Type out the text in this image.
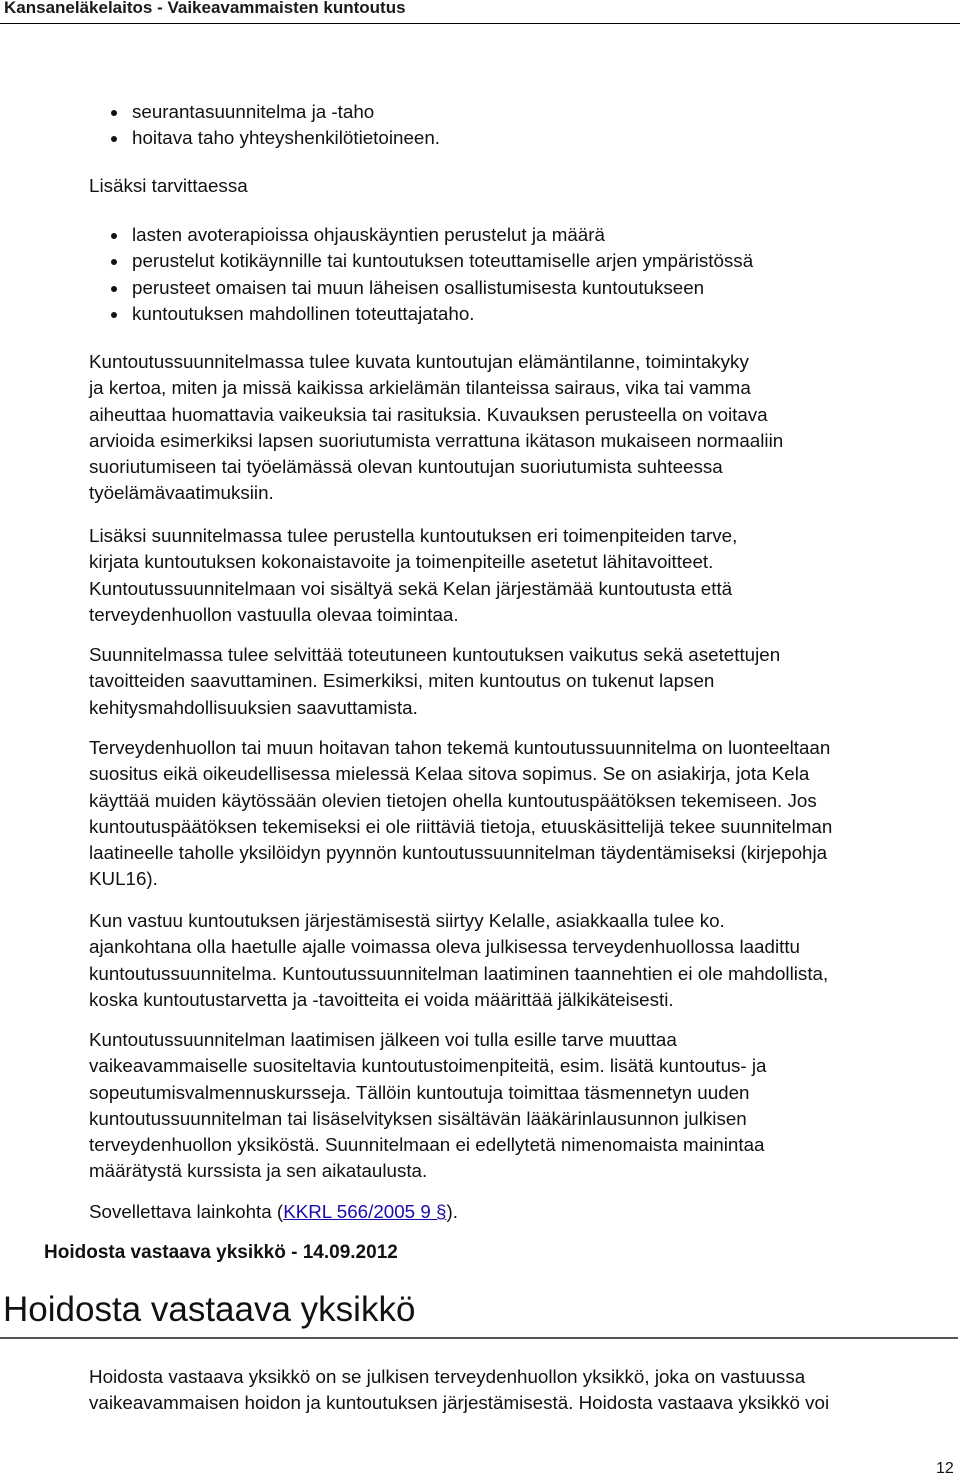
Kansaneläkelaitos - Vaikeavammaisten kuntoutus
seurantasuunnitelma ja -taho
hoitava taho yhteyshenkilötietoineen.

Lisäksi tarvittaessa

lasten avoterapioissa ohjauskäyntien perustelut ja määrä
perustelut kotikäynnille tai kuntoutuksen toteuttamiselle arjen ympäristössä
perusteet omaisen tai muun läheisen osallistumisesta kuntoutukseen
kuntoutuksen mahdollinen toteuttajataho.
Kuntoutussuunnitelmassa tulee kuvata kuntoutujan elämäntilanne, toimintakyky
ja kertoa, miten ja missä kaikissa arkielämän tilanteissa sairaus, vika tai vamma
aiheuttaa huomattavia vaikeuksia tai rasituksia. Kuvauksen perusteella on voitava
arvioida esimerkiksi lapsen suoriutumista verrattuna ikätason mukaiseen normaaliin
suoriutumiseen tai työelämässä olevan kuntoutujan suoriutumista suhteessa
työelämävaatimuksiin.
Lisäksi suunnitelmassa tulee perustella kuntoutuksen eri toimenpiteiden tarve,
kirjata kuntoutuksen kokonaistavoite ja toimenpiteille asetetut lähitavoitteet.
Kuntoutussuunnitelmaan voi sisältyä sekä Kelan järjestämää kuntoutusta että
terveydenhuollon vastuulla olevaa toimintaa.
Suunnitelmassa tulee selvittää toteutuneen kuntoutuksen vaikutus sekä asetettujen
tavoitteiden saavuttaminen. Esimerkiksi, miten kuntoutus on tukenut lapsen
kehitysmahdollisuuksien saavuttamista.
Terveydenhuollon tai muun hoitavan tahon tekemä kuntoutussuunnitelma on luonteeltaan
suositus eikä oikeudellisessa mielessä Kelaa sitova sopimus. Se on asiakirja, jota Kela
käyttää muiden käytössään olevien tietojen ohella kuntoutuspäätöksen tekemiseen. Jos
kuntoutuspäätöksen tekemiseksi ei ole riittäviä tietoja, etuuskäsittelijä tekee suunnitelman
laatineelle taholle yksilöidyn pyynnön kuntoutussuunnitelman täydentämiseksi (kirjepohja
KUL16).
Kun vastuu kuntoutuksen järjestämisestä siirtyy Kelalle, asiakkaalla tulee ko.
ajankohtana olla haetulle ajalle voimassa oleva julkisessa terveydenhuollossa laadittu
kuntoutussuunnitelma. Kuntoutussuunnitelman laatiminen taannehtien ei ole mahdollista,
koska kuntoutustarvetta ja -tavoitteita ei voida määrittää jälkikäteisesti.
Kuntoutussuunnitelman laatimisen jälkeen voi tulla esille tarve muuttaa
vaikeavammaiselle suositeltavia kuntoutustoimenpiteitä, esim. lisätä kuntoutus- ja
sopeutumisvalmennuskursseja. Tällöin kuntoutuja toimittaa täsmennetyn uuden
kuntoutussuunnitelman tai lisäselvityksen sisältävän lääkärinlausunnon julkisen
terveydenhuollon yksiköstä. Suunnitelmaan ei edellytetä nimenomaista mainintaa
määrätystä kurssista ja sen aikataulusta.

Sovellettava lainkohta (KKRL 566/2005 9 §).

Hoidosta vastaava yksikkö on se julkisen terveydenhuollon yksikkö, joka on vastuussa
vaikeavammaisen hoidon ja kuntoutuksen järjestämisestä. Hoidosta vastaava yksikkö voi
Hoidosta vastaava yksikkö - 14.09.2012
Hoidosta vastaava yksikkö
12
